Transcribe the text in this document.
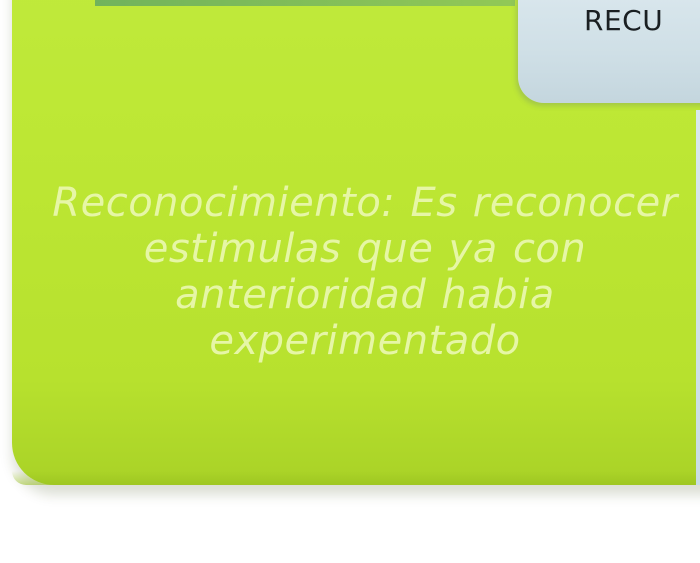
RECU
Reconocimiento: Es reconocer estimulas que ya con anterioridad habia experimentado
